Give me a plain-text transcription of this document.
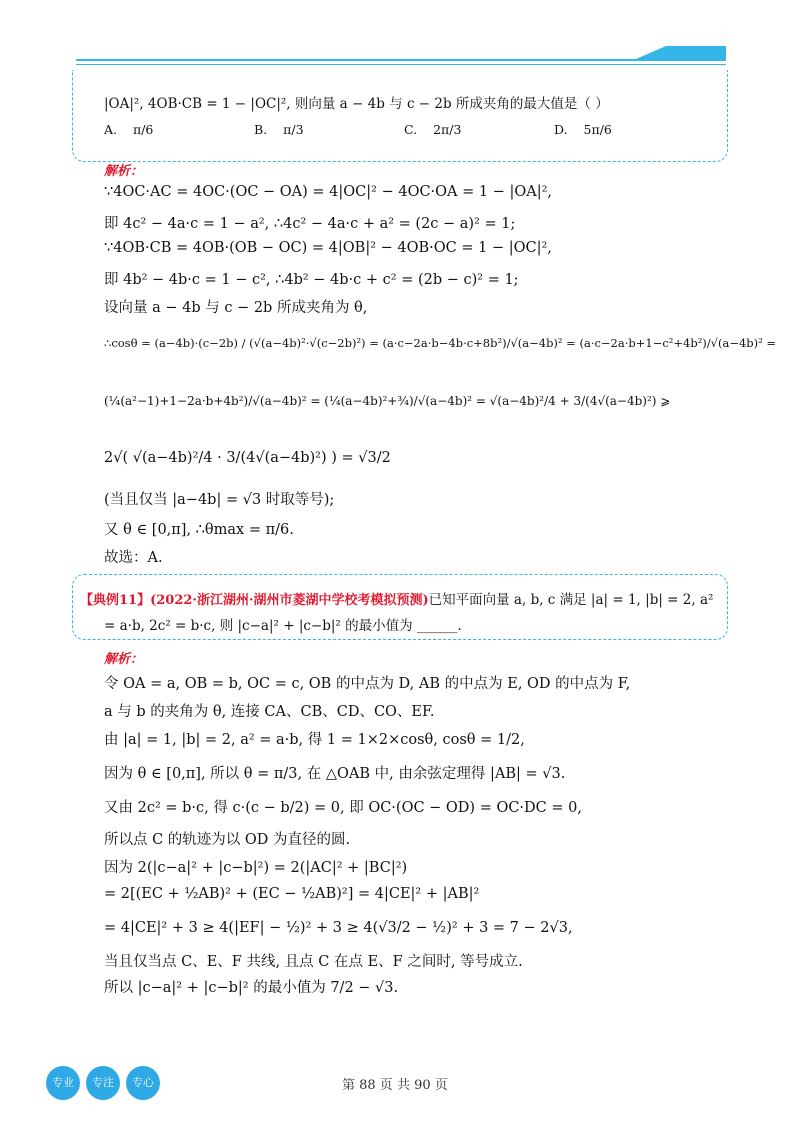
|OA|², 4OB·CB = 1 − |OC|², 则向量 a − 4b 与 c − 2b 所成夹角的最大值是（ ）
A. π/6	B. π/3	C. 2π/3	D. 5π/6
解析：
∵4OC·AC = 4OC·(OC − OA) = 4|OC|² − 4OC·OA = 1 − |OA|²,
即 4c² − 4a·c = 1 − a², ∴4c² − 4a·c + a² = (2c − a)² = 1;
∵4OB·CB = 4OB·(OB − OC) = 4|OB|² − 4OB·OC = 1 − |OC|²,
即 4b² − 4b·c = 1 − c², ∴4b² − 4b·c + c² = (2b − c)² = 1;
设向量 a − 4b 与 c − 2b 所成夹角为 θ,
∴cosθ = (a−4b)·(c−2b) / (√(a−4b)²·√(c−2b)²) = (a·c−2a·b−4b·c+8b²)/√(a−4b)² = (a·c−2a·b+1−c²+4b²)/√(a−4b)² =
(¼(a²−1)+1−2a·b+4b²)/√(a−4b)² = (¼(a−4b)²+¾)/√(a−4b)² = √(a−4b)²/4 + 3/(4√(a−4b)²) ⩾
2√( √(a−4b)²/4 · 3/(4√(a−4b)²) ) = √3/2
(当且仅当 |a−4b| = √3 时取等号);
又 θ ∈ [0,π], ∴θmax = π/6.
故选：A.
【典例11】(2022·浙江湖州·湖州市菱湖中学校考模拟预测)已知平面向量 a, b, c 满足 |a| = 1, |b| = 2, a²
= a·b, 2c² = b·c, 则 |c−a|² + |c−b|² 的最小值为 ______.
解析：
令 OA = a, OB = b, OC = c, OB 的中点为 D, AB 的中点为 E, OD 的中点为 F,
a 与 b 的夹角为 θ, 连接 CA、CB、CD、CO、EF.
由 |a| = 1, |b| = 2, a² = a·b, 得 1 = 1×2×cosθ, cosθ = 1/2,
因为 θ ∈ [0,π], 所以 θ = π/3, 在 △OAB 中, 由余弦定理得 |AB| = √3.
又由 2c² = b·c, 得 c·(c − b/2) = 0, 即 OC·(OC − OD) = OC·DC = 0,
所以点 C 的轨迹为以 OD 为直径的圆.
因为 2(|c−a|² + |c−b|²) = 2(|AC|² + |BC|²)
= 2[(EC + ½AB)² + (EC − ½AB)²] = 4|CE|² + |AB|²
= 4|CE|² + 3 ≥ 4(|EF| − ½)² + 3 ≥ 4(√3/2 − ½)² + 3 = 7 − 2√3,
当且仅当点 C、E、F 共线, 且点 C 在点 E、F 之间时, 等号成立.
所以 |c−a|² + |c−b|² 的最小值为 7/2 − √3.
专业	专注	专心	第 88 页 共 90 页
